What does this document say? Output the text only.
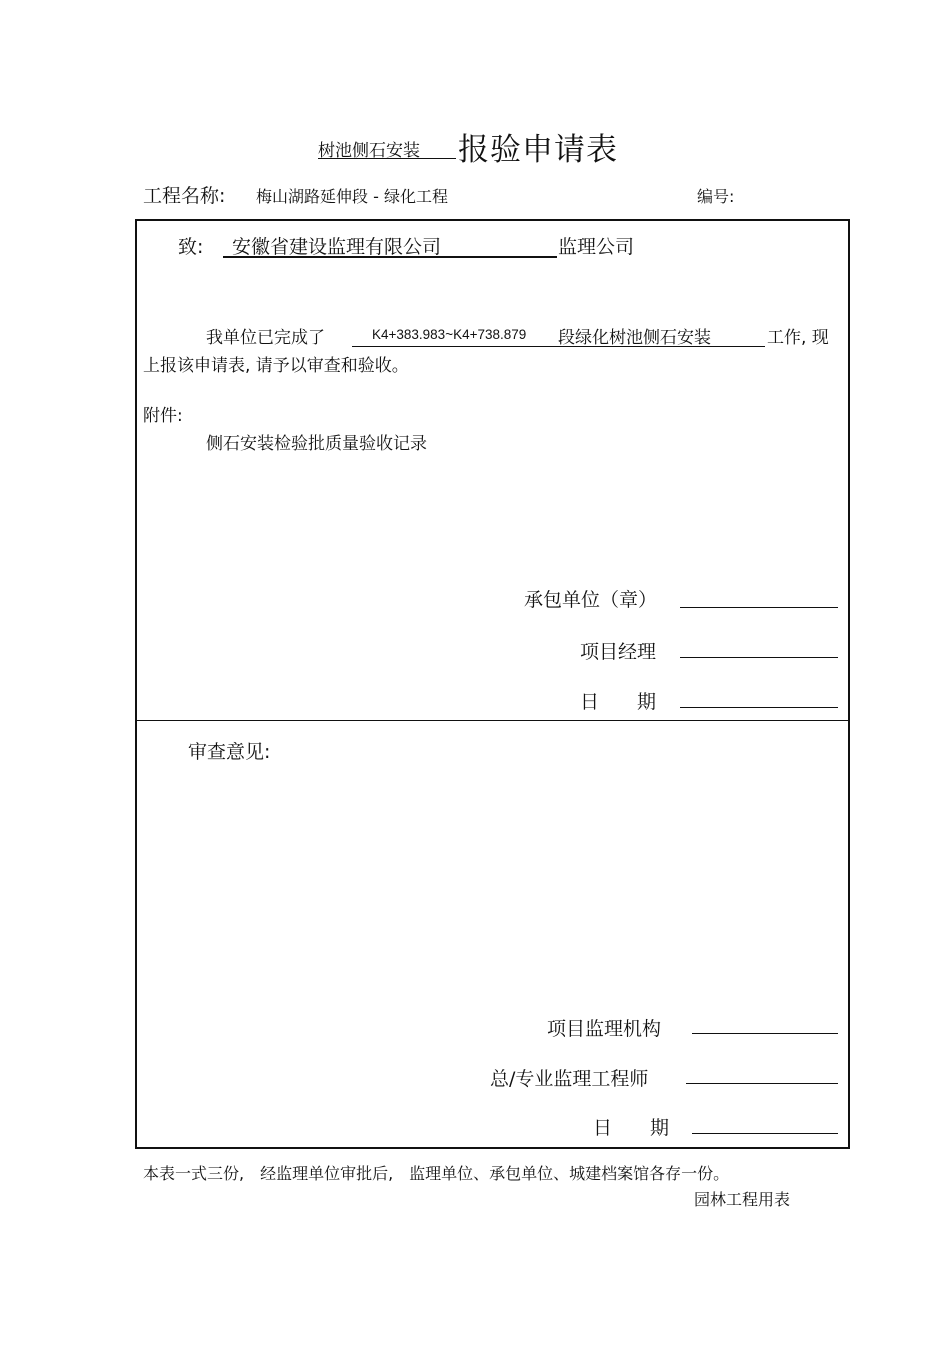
树池侧石安装 报验申请表
工程名称: 梅山湖路延伸段 - 绿化工程	编号:
致: 安徽省建设监理有限公司	监理公司
我单位已完成了	K4+383.983~K4+738.879 段绿化树池侧石安装	工作, 现
上报该申请表, 请予以审查和验收。
附件:
侧石安装检验批质量验收记录
承包单位（章）
项目经理
日　　期
审查意见:
项目监理机构
总/专业监理工程师
日　　期
本表一式三份,　经监理单位审批后,　监理单位、承包单位、城建档案馆各存一份。
园林工程用表
